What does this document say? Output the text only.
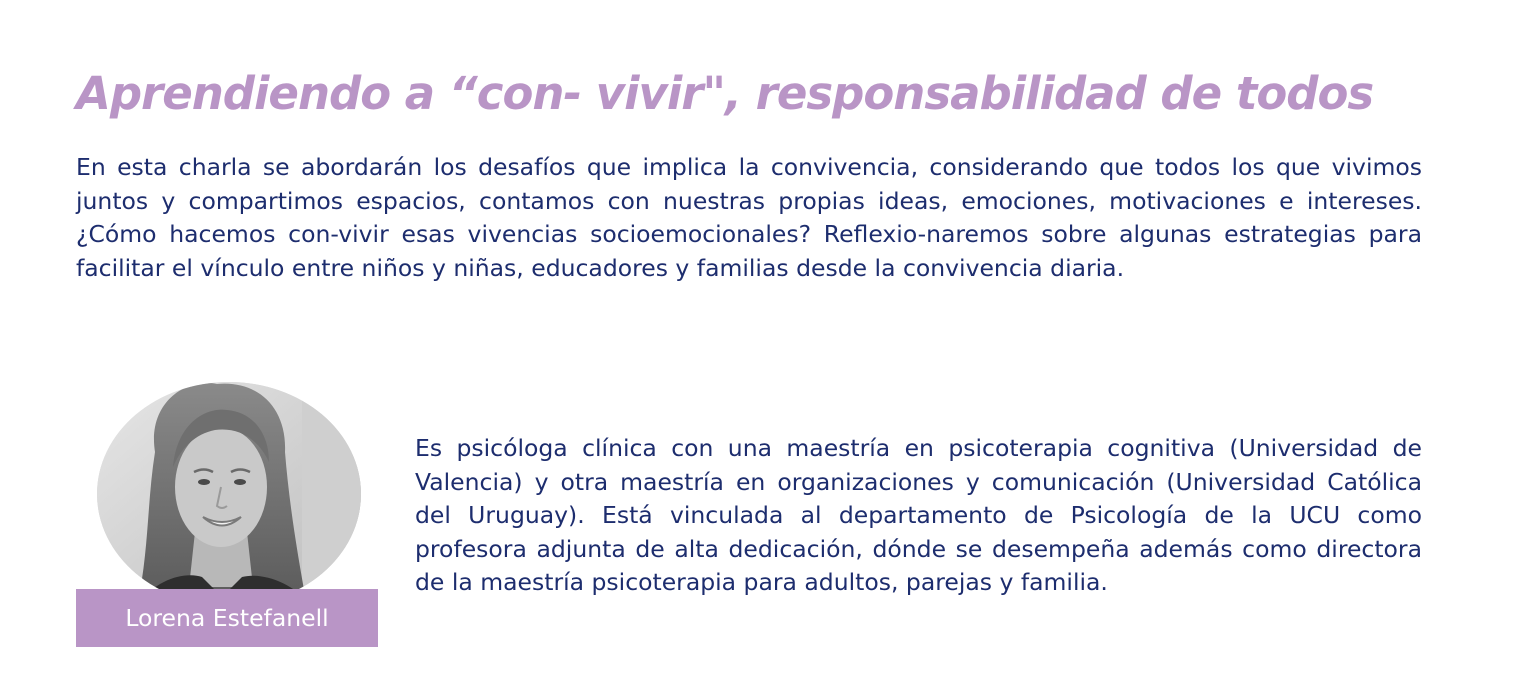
Aprendiendo a “con- vivir", responsabilidad de todos

En esta charla se abordarán los desafíos que implica la convivencia, considerando que todos los que vivimos juntos y compartimos espacios, contamos con nuestras propias ideas, emociones, motivaciones e intereses. ¿Cómo hacemos con-vivir esas vivencias socioemocionales? Reflexio-naremos sobre algunas estrategias para facilitar el vínculo entre niños y niñas, educadores y familias desde la convivencia diaria.

Lorena Estefanell

Es psicóloga clínica con una maestría en psicoterapia cognitiva (Universidad de Valencia) y otra maestría en organizaciones y comunicación (Universidad Católica del Uruguay). Está vinculada al departamento de Psicología de la UCU como profesora adjunta de alta dedicación, dónde se desempeña además como directora de la maestría psicoterapia para adultos, parejas y familia.
